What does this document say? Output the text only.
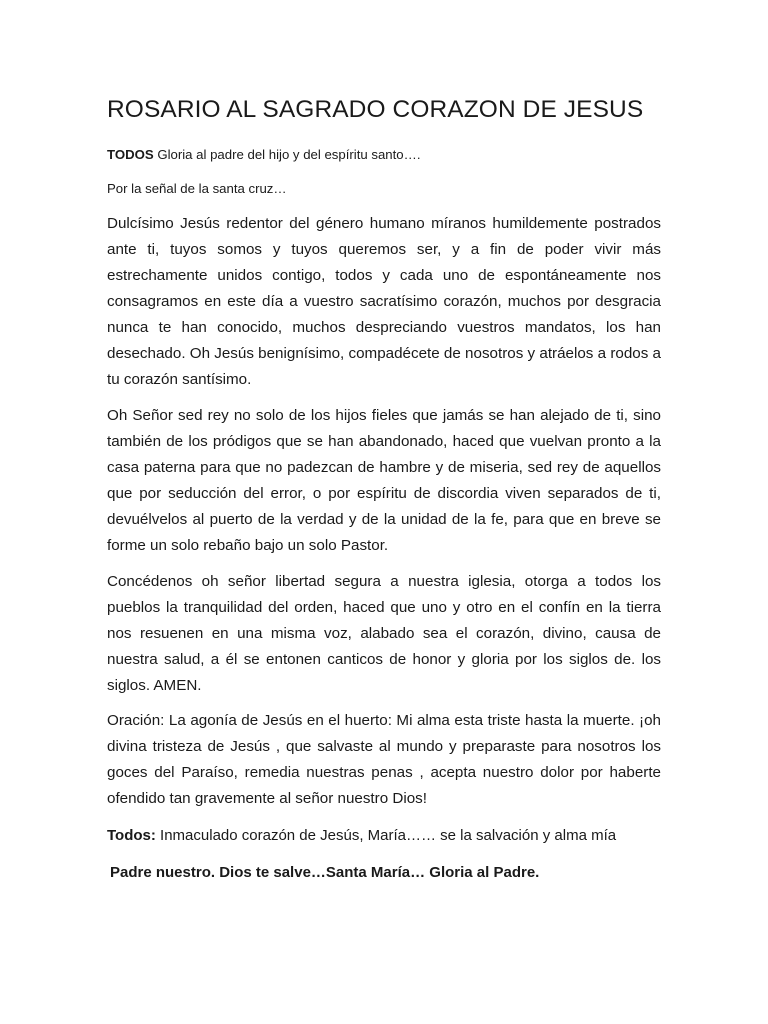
ROSARIO AL SAGRADO CORAZON DE JESUS

TODOS Gloria al padre del hijo y del espíritu santo….

Por la señal de la santa cruz…

Dulcísimo Jesús redentor del género humano míranos humildemente postrados ante ti, tuyos somos y tuyos queremos ser, y a fin de poder vivir más estrechamente unidos contigo, todos y cada uno de espontáneamente nos consagramos en este día a vuestro sacratísimo corazón, muchos por desgracia nunca te han conocido, muchos despreciando vuestros mandatos, los han desechado. Oh Jesús benignísimo, compadécete de nosotros y atráelos a rodos a tu corazón santísimo.

Oh Señor sed rey no solo de los hijos fieles que jamás se han alejado de ti, sino también de los pródigos que se han abandonado, haced que vuelvan pronto a la casa paterna para que no padezcan de hambre y de miseria, sed rey de aquellos que por seducción del error, o por espíritu de discordia viven separados de ti, devuélvelos al puerto de la verdad y de la unidad de la fe, para que en breve se forme un solo rebaño bajo un solo Pastor.

Concédenos oh señor libertad segura a nuestra iglesia, otorga a todos los pueblos la tranquilidad del orden, haced que uno y otro en el confín en la tierra nos resuenen en una misma voz, alabado sea el corazón, divino, causa de nuestra salud, a él se entonen canticos de honor y gloria por los siglos de. los siglos. AMEN.

Oración: La agonía de Jesús en el huerto: Mi alma esta triste hasta la muerte. ¡oh divina tristeza de Jesús , que salvaste al mundo y preparaste para nosotros los goces del Paraíso, remedia nuestras penas , acepta nuestro dolor por haberte ofendido tan gravemente al señor nuestro Dios!

Todos: Inmaculado corazón de Jesús, María…… se la salvación y alma mía

Padre nuestro. Dios te salve…Santa María… Gloria al Padre.
